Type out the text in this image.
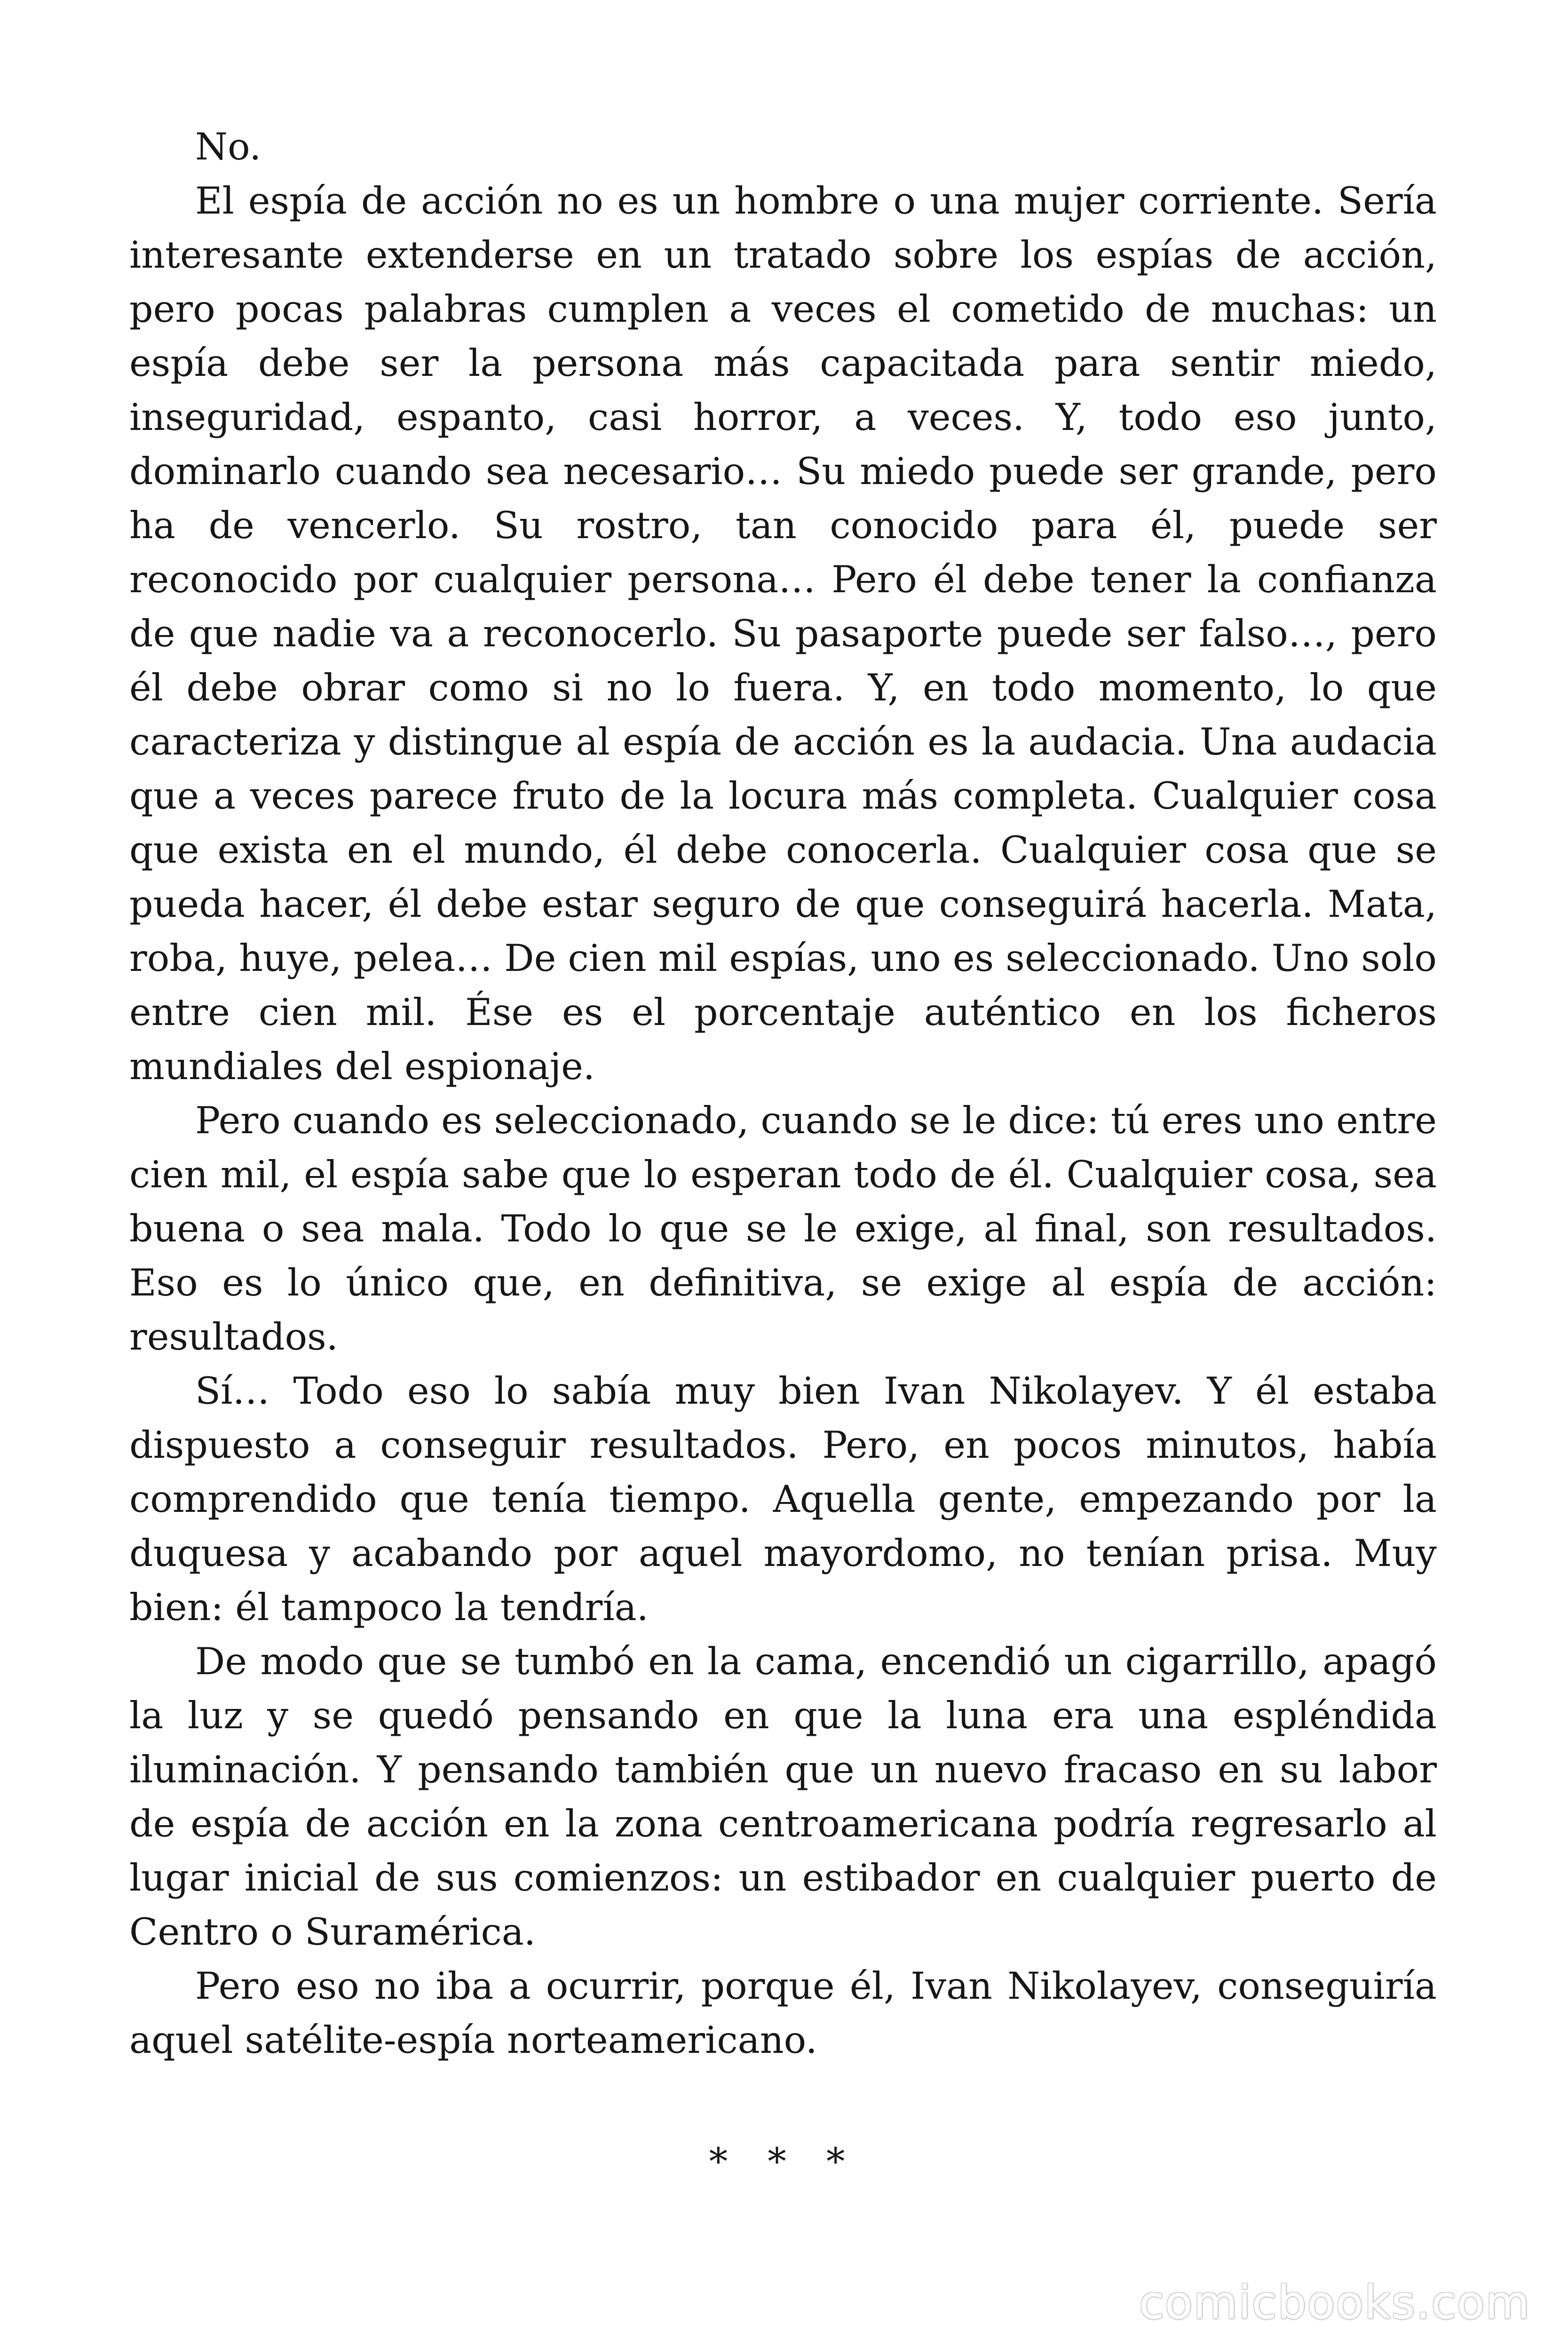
No.

El espía de acción no es un hombre o una mujer corriente. Sería interesante extenderse en un tratado sobre los espías de acción, pero pocas palabras cumplen a veces el cometido de muchas: un espía debe ser la persona más capacitada para sentir miedo, inseguridad, espanto, casi horror, a veces. Y, todo eso junto, dominarlo cuando sea necesario… Su miedo puede ser grande, pero ha de vencerlo. Su rostro, tan conocido para él, puede ser reconocido por cualquier persona… Pero él debe tener la confianza de que nadie va a reconocerlo. Su pasaporte puede ser falso…, pero él debe obrar como si no lo fuera. Y, en todo momento, lo que caracteriza y distingue al espía de acción es la audacia. Una audacia que a veces parece fruto de la locura más completa. Cualquier cosa que exista en el mundo, él debe conocerla. Cualquier cosa que se pueda hacer, él debe estar seguro de que conseguirá hacerla. Mata, roba, huye, pelea… De cien mil espías, uno es seleccionado. Uno solo entre cien mil. Ése es el porcentaje auténtico en los ficheros mundiales del espionaje.

Pero cuando es seleccionado, cuando se le dice: tú eres uno entre cien mil, el espía sabe que lo esperan todo de él. Cualquier cosa, sea buena o sea mala. Todo lo que se le exige, al final, son resultados. Eso es lo único que, en definitiva, se exige al espía de acción: resultados.

Sí… Todo eso lo sabía muy bien Ivan Nikolayev. Y él estaba dispuesto a conseguir resultados. Pero, en pocos minutos, había comprendido que tenía tiempo. Aquella gente, empezando por la duquesa y acabando por aquel mayordomo, no tenían prisa. Muy bien: él tampoco la tendría.

De modo que se tumbó en la cama, encendió un cigarrillo, apagó la luz y se quedó pensando en que la luna era una espléndida iluminación. Y pensando también que un nuevo fracaso en su labor de espía de acción en la zona centroamericana podría regresarlo al lugar inicial de sus comienzos: un estibador en cualquier puerto de Centro o Suramérica.

Pero eso no iba a ocurrir, porque él, Ivan Nikolayev, conseguiría aquel satélite-espía norteamericano.

* * *
comicbooks.com
